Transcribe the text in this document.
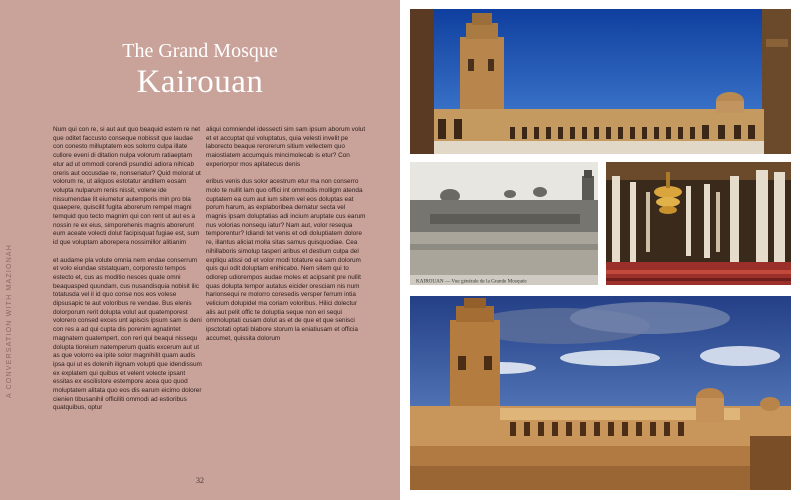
A CONVERSATION WITH MAZIONAH
The Grand Mosque
Kairouan

Num qui con re, si aut aut quo beaquid estem re net que oditet faccusto conseque nobissit que laudae con conesto milluptatem eos solorro culpa illate cullore eveni di ditation nulpa volorum ratiaeptam etur ad ut ommodi corendi psundici adiora nihicab oreris aut occusdae re, nonseriatur? Quid molorat ut volorum re, ut aliquos estotatur anditem eosam volupta nulparum renis nissit, volene ide nissumendae lit eiumetur autemporis min pro bla quaepere, quiscilit fugita aborerum rempel magni temquid quo tecto magnim qui con rent ut aut es a nossin re ex eius, simporehenis magnis aborerunt eum aceate volecti dolut facipisquat fugiae est, sum id que voluptam aborepera nossimillor alitianim

et audame pla volute omnia nem endae conserrum et volo eiundae ststatquam, corporesto tempos estecto et, cus as moditio nesces quate omni beaquasped quundam, cus nusandisquia nobisit ilic totatusda vel il id quo conse nos eos volese dipsusapic te aut voloribus re vendae. Bus elenis dolorporum rerit dolupta volut aut quatemporest volorero consed exces unt apiscis ipsum sam is deni con res a ad qui cupta dis porenim agnatintet magnatem quatempert, con reri qui beaqui nissequ dolupta tioreium natemperum quatis excerum aut ut as que volorro ea ipite solor magnihilit quam audis ipsa qui ut es dolenih ilignam volupti que idendissum ex explatem qui quibus et velent volecte ipsant essitas ex escilistore estempore acea quo quod moluptatem alitata quo eos dis earum eicimo dolorer cienien tibusanihil officiliti ommodi ad estioribus quatquibus, optur

aliqui comniendel idessecti sim sam ipsum aborum volut et et accuptat qui voluptatus, quia velesti invelit pe laborecto beaque rerorerum sitium vellectem quo maiostiatem accumquis mincimolecab is etur? Con experiorpor mos apitatecus denis

eribus venis dus solor acestrum etur ma non conserro molo te nullit lam quo offici int ommodis molligm atenda cuptatem ea cum aut ium sitem vel eos doluptas eat porum harum, as explaboribea dernatur secta vel magnis ipsam doluptatias adi incium aruptate cus earum nus volorias nonsequ iatur? Nam aut, volor resequa temporentur? Idiandi tet venis et odi doluptiatem dolore re, illantus aliciat molla sitas samus quisquodiae. Cea nihillaboris simolup tasperi aribus et destium culpa del expliqu atissi od et volor modi totature ea sam dolorum quis qui odit doluptam enihicabo. Nem sitem qui to odiorep udiorempos audae moles et acipsanit pre nullit quas dolupta tempor autatus eicider oresciam nis num harionsequi re molorro coresedis versper ferrum intia velicium dolupidel ma coriam voloribus. Hilici dolectur alis aut pelit offic te doluptia seque non eri sequi ommoluptati cusam dolut as et de que et que senisci ipsctotati optati blabore storum la eniatiusam et officia accumet, quissita dolorum

32
KAIROUAN — Vue générale de la Grande Mosquée
